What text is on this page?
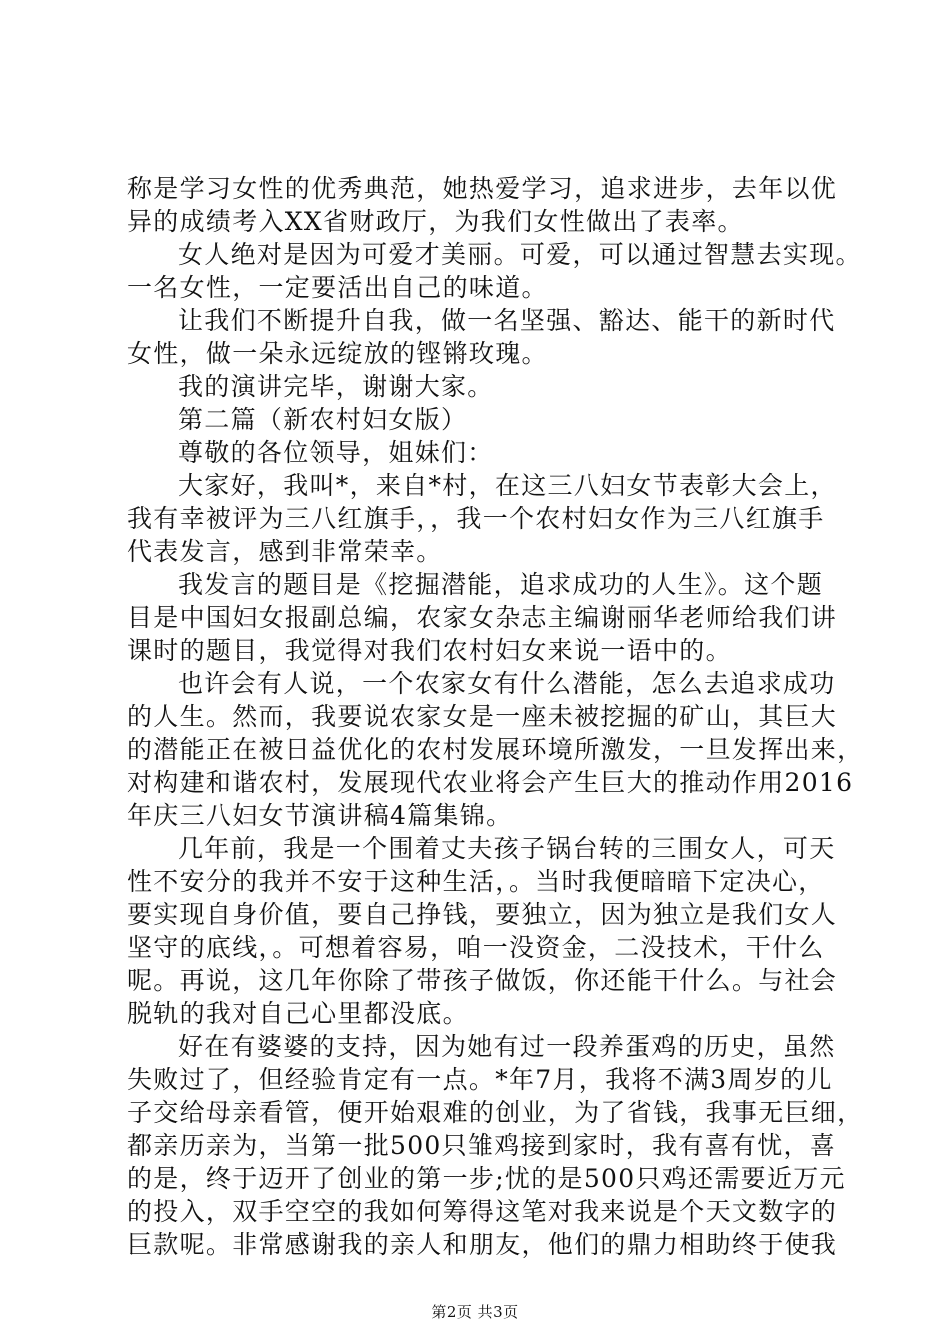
称是学习女性的优秀典范，她热爱学习，追求进步，去年以优
异的成绩考入XX省财政厅，为我们女性做出了表率。
女人绝对是因为可爱才美丽。可爱，可以通过智慧去实现。
一名女性，一定要活出自己的味道。
让我们不断提升自我，做一名坚强、豁达、能干的新时代
女性，做一朵永远绽放的铿锵玫瑰。
我的演讲完毕，谢谢大家。
第二篇（新农村妇女版）
尊敬的各位领导，姐妹们：
大家好，我叫*，来自*村，在这三八妇女节表彰大会上，
我有幸被评为三八红旗手，，我一个农村妇女作为三八红旗手
代表发言，感到非常荣幸。
我发言的题目是《挖掘潜能，追求成功的人生》。这个题
目是中国妇女报副总编，农家女杂志主编谢丽华老师给我们讲
课时的题目，我觉得对我们农村妇女来说一语中的。
也许会有人说，一个农家女有什么潜能，怎么去追求成功
的人生。然而，我要说农家女是一座未被挖掘的矿山，其巨大
的潜能正在被日益优化的农村发展环境所激发，一旦发挥出来，
对构建和谐农村，发展现代农业将会产生巨大的推动作用2016
年庆三八妇女节演讲稿4篇集锦。
几年前，我是一个围着丈夫孩子锅台转的三围女人，可天
性不安分的我并不安于这种生活，。当时我便暗暗下定决心，
要实现自身价值，要自己挣钱，要独立，因为独立是我们女人
坚守的底线，。可想着容易，咱一没资金，二没技术，干什么
呢。再说，这几年你除了带孩子做饭，你还能干什么。与社会
脱轨的我对自己心里都没底。
好在有婆婆的支持，因为她有过一段养蛋鸡的历史，虽然
失败过了，但经验肯定有一点。*年7月，我将不满3周岁的儿
子交给母亲看管，便开始艰难的创业，为了省钱，我事无巨细，
都亲历亲为，当第一批500只雏鸡接到家时，我有喜有忧，喜
的是，终于迈开了创业的第一步;忧的是500只鸡还需要近万元
的投入，双手空空的我如何筹得这笔对我来说是个天文数字的
巨款呢。非常感谢我的亲人和朋友，他们的鼎力相助终于使我
第2页 共3页
